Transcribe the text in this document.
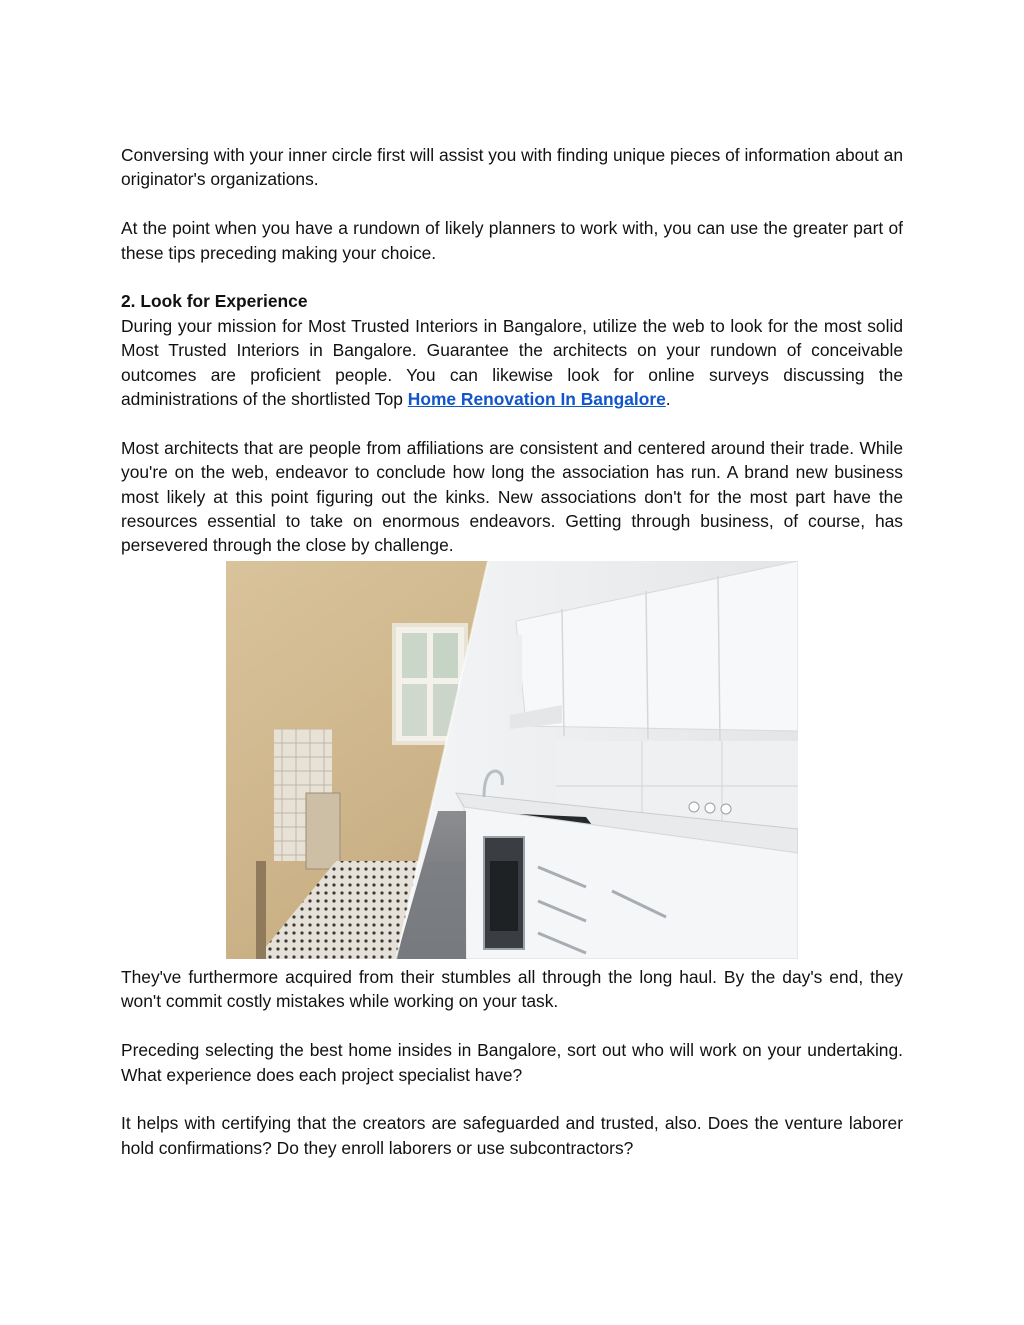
Conversing with your inner circle first will assist you with finding unique pieces of information about an originator's organizations.

At the point when you have a rundown of likely planners to work with, you can use the greater part of these tips preceding making your choice.

2. Look for Experience

During your mission for Most Trusted Interiors in Bangalore, utilize the web to look for the most solid Most Trusted Interiors in Bangalore. Guarantee the architects on your rundown of conceivable outcomes are proficient people. You can likewise look for online surveys discussing the administrations of the shortlisted Top Home Renovation In Bangalore.

Most architects that are people from affiliations are consistent and centered around their trade. While you're on the web, endeavor to conclude how long the association has run. A brand new business most likely at this point figuring out the kinks. New associations don't for the most part have the resources essential to take on enormous endeavors. Getting through business, of course, has persevered through the close by challenge.

They've furthermore acquired from their stumbles all through the long haul. By the day's end, they won't commit costly mistakes while working on your task.

Preceding selecting the best home insides in Bangalore, sort out who will work on your undertaking. What experience does each project specialist have?

It helps with certifying that the creators are safeguarded and trusted, also. Does the venture laborer hold confirmations? Do they enroll laborers or use subcontractors?
